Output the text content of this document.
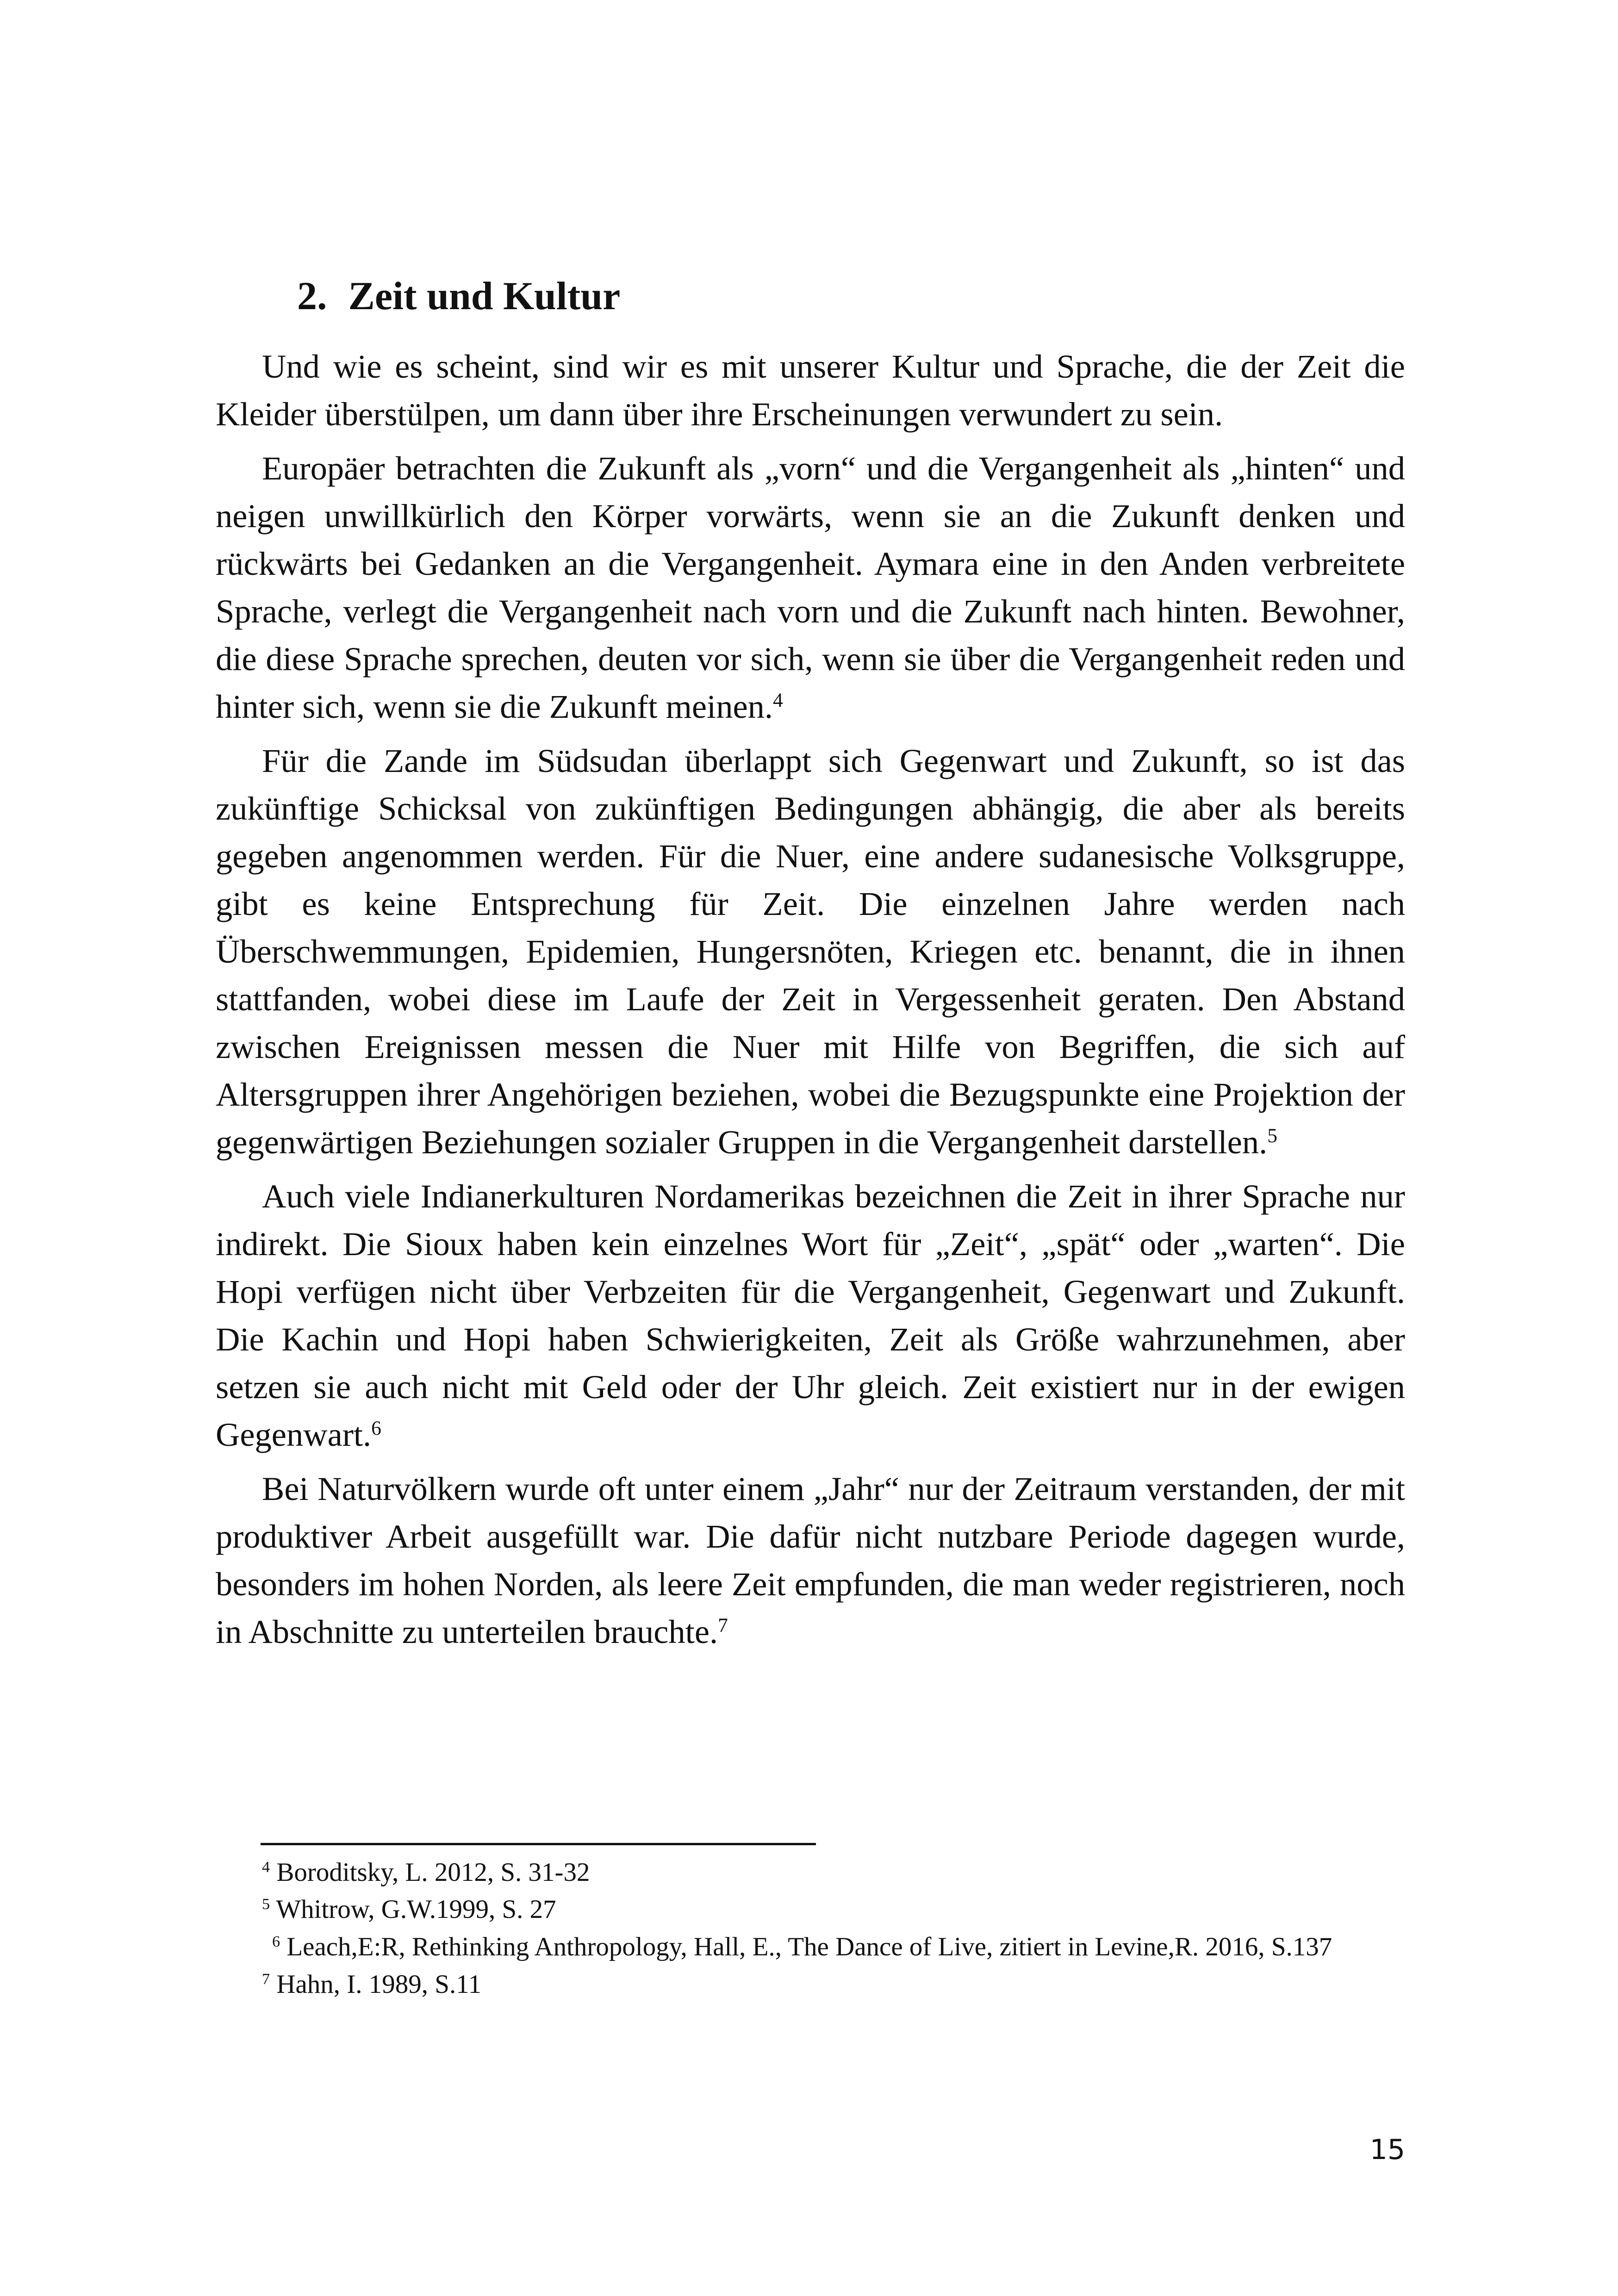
2. Zeit und Kultur

Und wie es scheint, sind wir es mit unserer Kultur und Sprache, die der Zeit die Kleider überstülpen, um dann über ihre Erscheinungen verwundert zu sein.

Europäer betrachten die Zukunft als „vorn“ und die Vergangenheit als „hinten“ und neigen unwillkürlich den Körper vorwärts, wenn sie an die Zukunft denken und rückwärts bei Gedanken an die Vergangenheit. Aymara eine in den Anden verbreitete Sprache, verlegt die Vergangenheit nach vorn und die Zukunft nach hinten. Bewohner, die diese Sprache sprechen, deuten vor sich, wenn sie über die Vergangenheit reden und hinter sich, wenn sie die Zukunft meinen.$^4$

Für die Zande im Südsudan überlappt sich Gegenwart und Zukunft, so ist das zukünftige Schicksal von zukünftigen Bedingungen abhängig, die aber als bereits gegeben angenommen werden. Für die Nuer, eine andere sudanesische Volksgruppe, gibt es keine Entsprechung für Zeit. Die einzelnen Jahre werden nach Überschwemmungen, Epidemien, Hungersnöten, Kriegen etc. benannt, die in ihnen stattfanden, wobei diese im Laufe der Zeit in Vergessenheit geraten. Den Abstand zwischen Ereignissen messen die Nuer mit Hilfe von Begriffen, die sich auf Altersgruppen ihrer Angehörigen beziehen, wobei die Bezugspunkte eine Projektion der gegenwärtigen Beziehungen sozialer Gruppen in die Vergangenheit darstellen.$^5$

Auch viele Indianerkulturen Nordamerikas bezeichnen die Zeit in ihrer Sprache nur indirekt. Die Sioux haben kein einzelnes Wort für „Zeit“, „spät“ oder „warten“. Die Hopi verfügen nicht über Verbzeiten für die Vergangenheit, Gegenwart und Zukunft. Die Kachin und Hopi haben Schwierigkeiten, Zeit als Größe wahrzunehmen, aber setzen sie auch nicht mit Geld oder der Uhr gleich. Zeit existiert nur in der ewigen Gegenwart.$^6$

Bei Naturvölkern wurde oft unter einem „Jahr“ nur der Zeitraum verstanden, der mit produktiver Arbeit ausgefüllt war. Die dafür nicht nutzbare Periode dagegen wurde, besonders im hohen Norden, als leere Zeit empfunden, die man weder registrieren, noch in Abschnitte zu unterteilen brauchte.$^7$

$^4$ Boroditsky, L. 2012, S. 31-32

$^5$ Whitrow, G.W.1999, S. 27

$^6$ Leach,E:R, Rethinking Anthropology, Hall, E., The Dance of Live, zitiert in Levine,R. 2016, S.137

$^7$ Hahn, I. 1989, S.11

15
